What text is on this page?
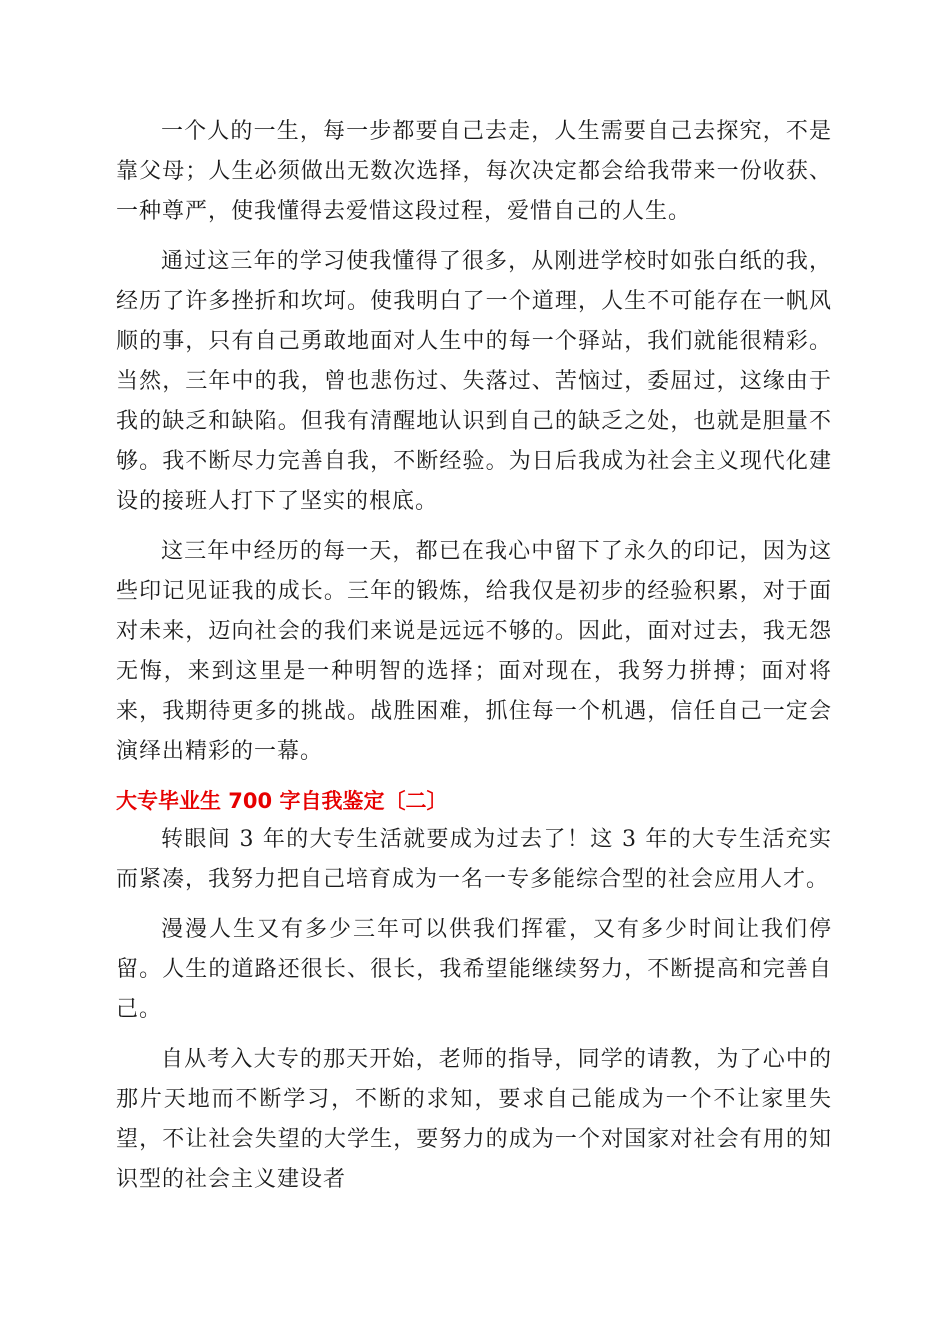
一个人的一生，每一步都要自己去走，人生需要自己去探究，不是靠父母；人生必须做出无数次选择，每次决定都会给我带来一份收获、一种尊严，使我懂得去爱惜这段过程，爱惜自己的人生。

通过这三年的学习使我懂得了很多，从刚进学校时如张白纸的我，经历了许多挫折和坎坷。使我明白了一个道理，人生不可能存在一帆风顺的事，只有自己勇敢地面对人生中的每一个驿站，我们就能很精彩。当然，三年中的我，曾也悲伤过、失落过、苦恼过，委屈过，这缘由于我的缺乏和缺陷。但我有清醒地认识到自己的缺乏之处，也就是胆量不够。我不断尽力完善自我，不断经验。为日后我成为社会主义现代化建设的接班人打下了坚实的根底。

这三年中经历的每一天，都已在我心中留下了永久的印记，因为这些印记见证我的成长。三年的锻炼，给我仅是初步的经验积累，对于面对未来，迈向社会的我们来说是远远不够的。因此，面对过去，我无怨无悔，来到这里是一种明智的选择；面对现在，我努力拼搏；面对将来，我期待更多的挑战。战胜困难，抓住每一个机遇，信任自己一定会演绎出精彩的一幕。

大专毕业生 700 字自我鉴定〔二〕

转眼间 3 年的大专生活就要成为过去了！这 3 年的大专生活充实而紧凑，我努力把自己培育成为一名一专多能综合型的社会应用人才。

漫漫人生又有多少三年可以供我们挥霍，又有多少时间让我们停留。人生的道路还很长、很长，我希望能继续努力，不断提高和完善自己。

自从考入大专的那天开始，老师的指导，同学的请教，为了心中的那片天地而不断学习，不断的求知，要求自己能成为一个不让家里失望，不让社会失望的大学生，要努力的成为一个对国家对社会有用的知识型的社会主义建设者
